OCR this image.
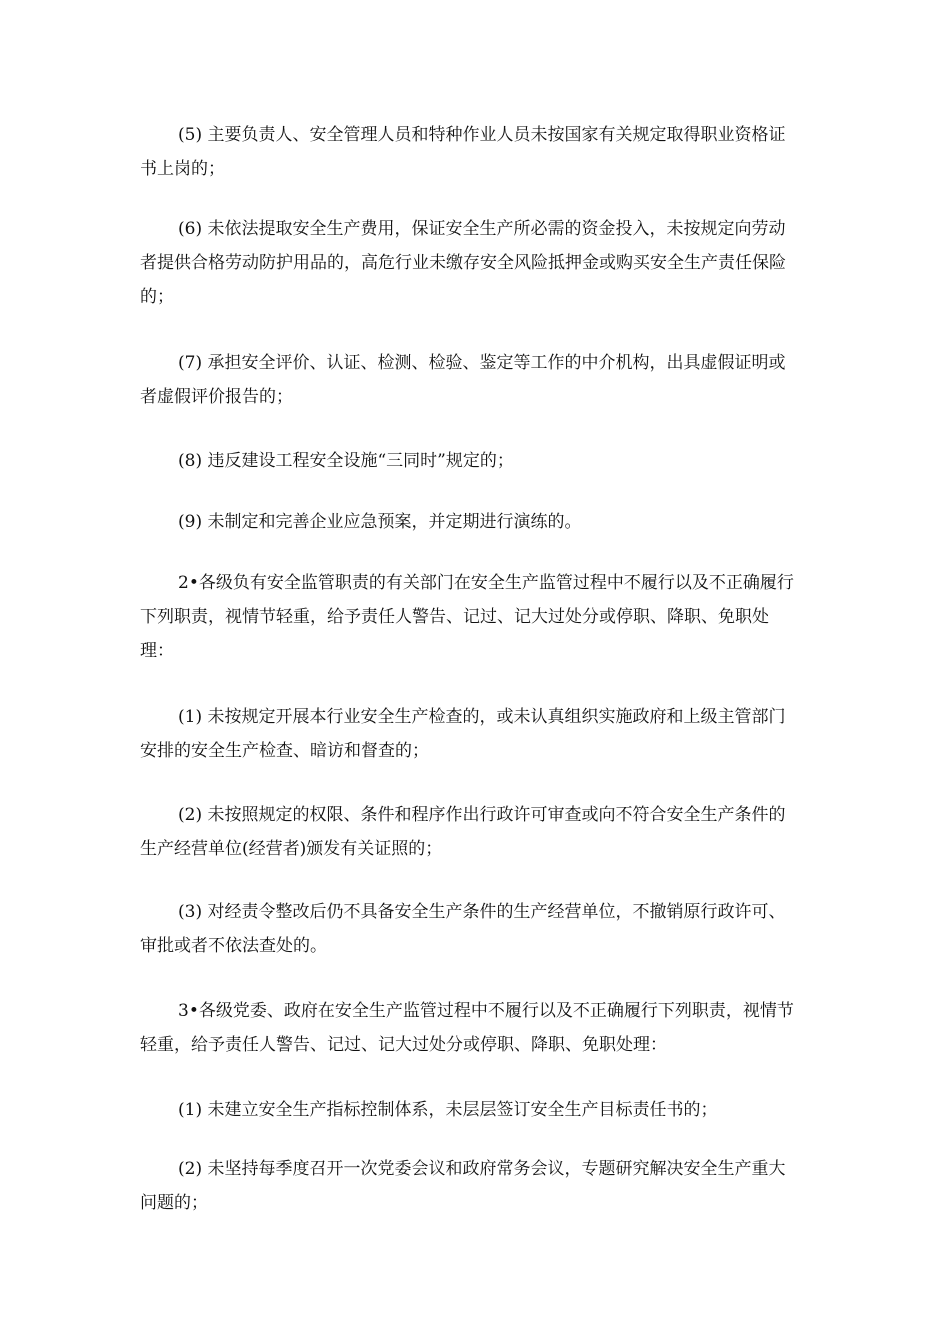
(5) 主要负责人、安全管理人员和特种作业人员未按国家有关规定取得职业资格证书上岗的；

(6) 未依法提取安全生产费用，保证安全生产所必需的资金投入，未按规定向劳动者提供合格劳动防护用品的，高危行业未缴存安全风险抵押金或购买安全生产责任保险的；

(7) 承担安全评价、认证、检测、检验、鉴定等工作的中介机构，出具虚假证明或者虚假评价报告的；

(8) 违反建设工程安全设施“三同时”规定的；

(9) 未制定和完善企业应急预案，并定期进行演练的。

2•各级负有安全监管职责的有关部门在安全生产监管过程中不履行以及不正确履行下列职责，视情节轻重，给予责任人警告、记过、记大过处分或停职、降职、免职处理：

(1) 未按规定开展本行业安全生产检查的，或未认真组织实施政府和上级主管部门安排的安全生产检查、暗访和督查的；

(2) 未按照规定的权限、条件和程序作出行政许可审查或向不符合安全生产条件的生产经营单位(经营者)颁发有关证照的；

(3) 对经责令整改后仍不具备安全生产条件的生产经营单位，不撤销原行政许可、审批或者不依法查处的。

3•各级党委、政府在安全生产监管过程中不履行以及不正确履行下列职责，视情节轻重，给予责任人警告、记过、记大过处分或停职、降职、免职处理：

(1) 未建立安全生产指标控制体系，未层层签订安全生产目标责任书的；

(2) 未坚持每季度召开一次党委会议和政府常务会议，专题研究解决安全生产重大问题的；
